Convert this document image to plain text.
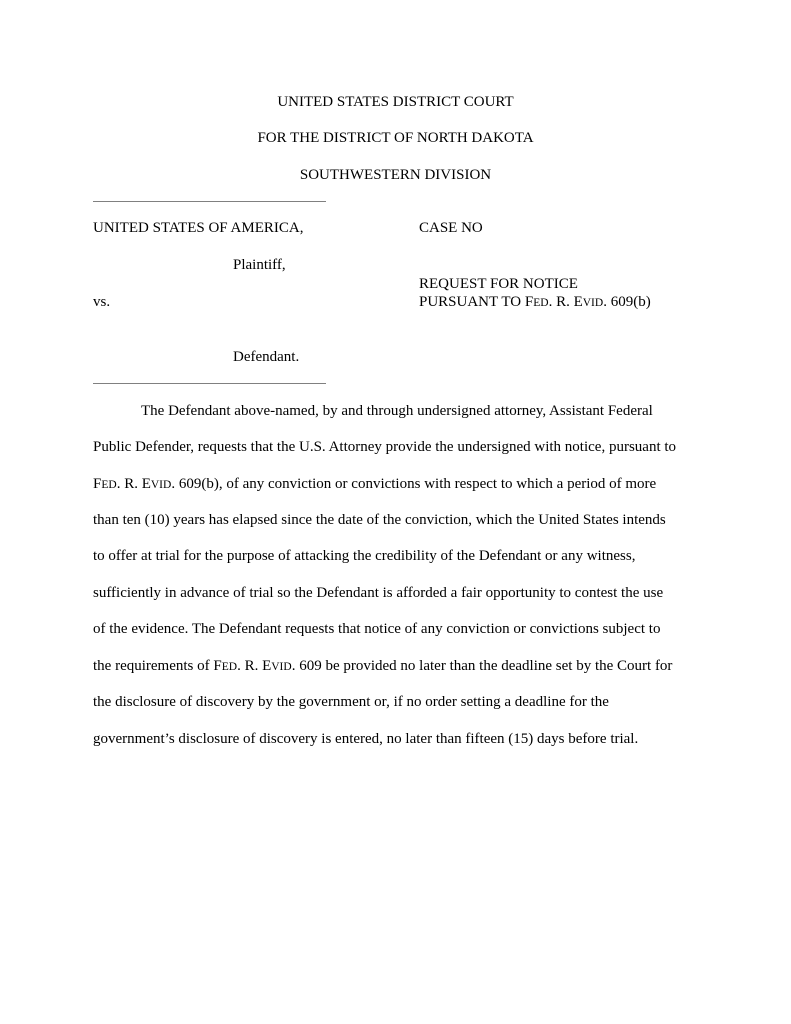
UNITED STATES DISTRICT COURT
FOR THE DISTRICT OF NORTH DAKOTA
SOUTHWESTERN DIVISION
UNITED STATES OF AMERICA,
Plaintiff,
vs.
Defendant.
CASE NO
REQUEST FOR NOTICE
PURSUANT TO FED. R. EVID. 609(b)
The Defendant above-named, by and through undersigned attorney, Assistant Federal
Public Defender, requests that the U.S. Attorney provide the undersigned with notice, pursuant to
FED. R. EVID. 609(b), of any conviction or convictions with respect to which a period of more
than ten (10) years has elapsed since the date of the conviction, which the United States intends
to offer at trial for the purpose of attacking the credibility of the Defendant or any witness,
sufficiently in advance of trial so the Defendant is afforded a fair opportunity to contest the use
of the evidence. The Defendant requests that notice of any conviction or convictions subject to
the requirements of FED. R. EVID. 609 be provided no later than the deadline set by the Court for
the disclosure of discovery by the government or, if no order setting a deadline for the
government’s disclosure of discovery is entered, no later than fifteen (15) days before trial.
